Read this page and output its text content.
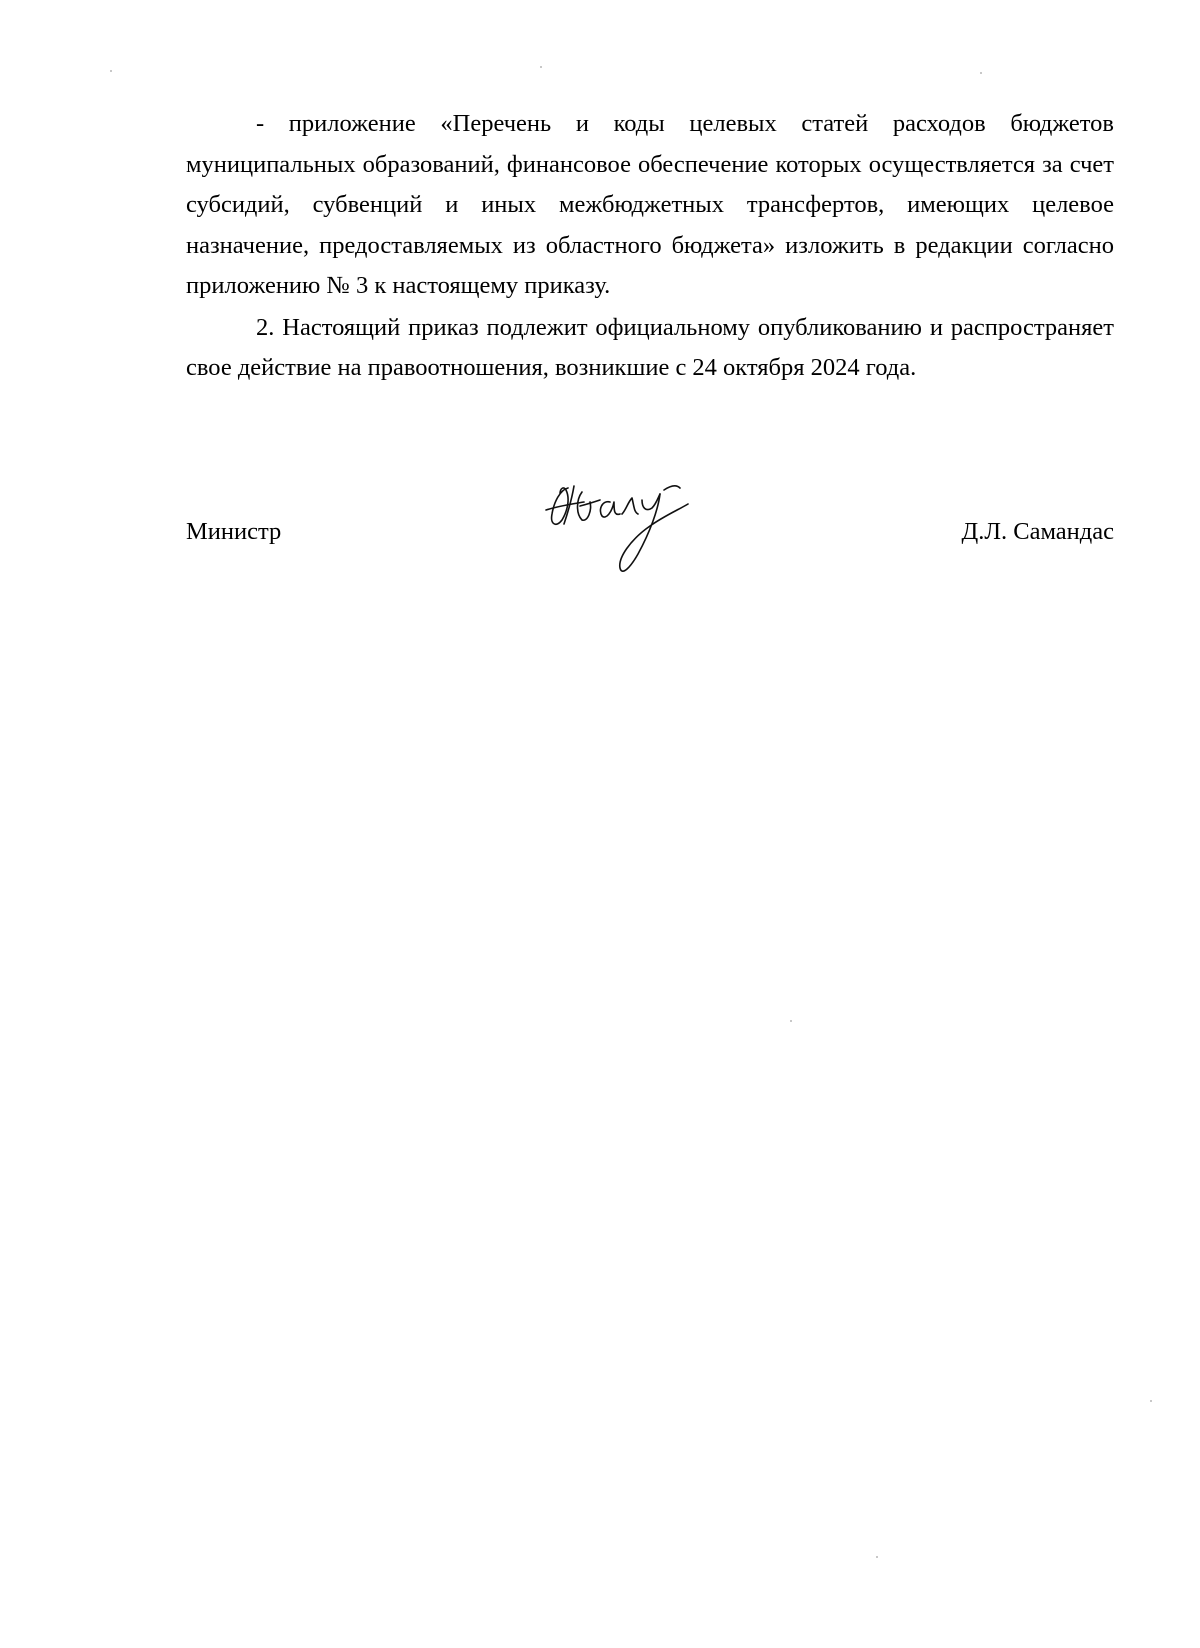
- приложение «Перечень и коды целевых статей расходов бюджетов муниципальных образований, финансовое обеспечение которых осуществляется за счет субсидий, субвенций и иных межбюджетных трансфертов, имеющих целевое назначение, предоставляемых из областного бюджета» изложить в редакции согласно приложению № 3 к настоящему приказу.

2. Настоящий приказ подлежит официальному опубликованию и распространяет свое действие на правоотношения, возникшие с 24 октября 2024 года.

Министр	Д.Л. Самандас
